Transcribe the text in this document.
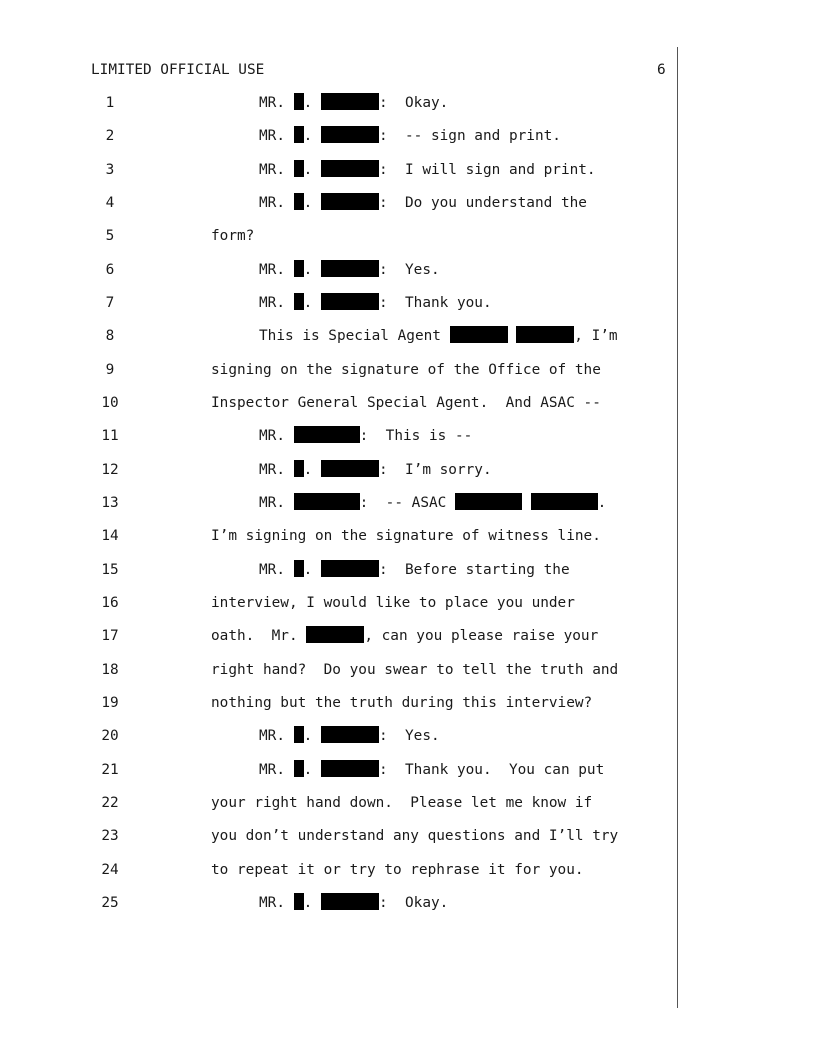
LIMITED OFFICIAL USE	6
1	MR. .	:  Okay.
2	MR. .	:  -- sign and print.
3	MR. .	:  I will sign and print.
4	MR. .	:  Do you understand the
5	form?
6	MR. .	:  Yes.
7	MR. .	:  Thank you.
8	This is Special Agent	, I’m
9	signing on the signature of the Office of the
10	Inspector General Special Agent.  And ASAC --
11	MR.	:  This is --
12	MR. .	:  I’m sorry.
13	MR.	:  -- ASAC	.
14	I’m signing on the signature of witness line.
15	MR. .	:  Before starting the
16	interview, I would like to place you under
17	oath.  Mr.	, can you please raise your
18	right hand?  Do you swear to tell the truth and
19	nothing but the truth during this interview?
20	MR. .	:  Yes.
21	MR. .	:  Thank you.  You can put
22	your right hand down.  Please let me know if
23	you don’t understand any questions and I’ll try
24	to repeat it or try to rephrase it for you.
25	MR. .	:  Okay.
